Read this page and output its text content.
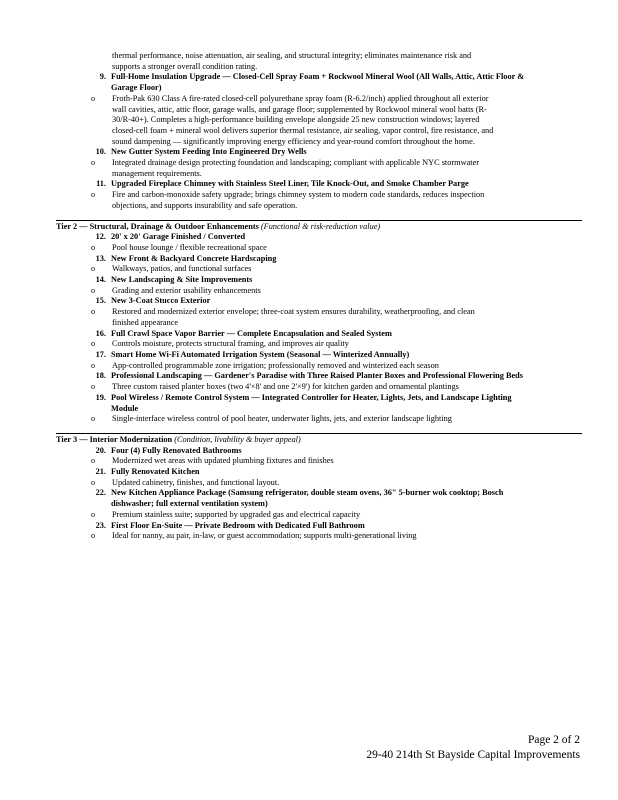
thermal performance, noise attenuation, air sealing, and structural integrity; eliminates maintenance risk and
supports a stronger overall condition rating.
9. Full-Home Insulation Upgrade — Closed-Cell Spray Foam + Rockwool Mineral Wool (All Walls, Attic, Attic Floor &
Garage Floor)
o Froth-Pak 630 Class A fire-rated closed-cell polyurethane spray foam (R-6.2/inch) applied throughout all exterior
wall cavities, attic, attic floor, garage walls, and garage floor; supplemented by Rockwool mineral wool batts (R-
30/R-40+). Completes a high-performance building envelope alongside 25 new construction windows; layered
closed-cell foam + mineral wool delivers superior thermal resistance, air sealing, vapor control, fire resistance, and
sound dampening — significantly improving energy efficiency and year-round comfort throughout the home.
10. New Gutter System Feeding Into Engineered Dry Wells
o Integrated drainage design protecting foundation and landscaping; compliant with applicable NYC stormwater
management requirements.
11. Upgraded Fireplace Chimney with Stainless Steel Liner, Tile Knock-Out, and Smoke Chamber Parge
o Fire and carbon-monoxide safety upgrade; brings chimney system to modern code standards, reduces inspection
objections, and supports insurability and safe operation.
Tier 2 — Structural, Drainage & Outdoor Enhancements (Functional & risk-reduction value)
12. 20' x 20' Garage Finished / Converted
o Pool house lounge / flexible recreational space
13. New Front & Backyard Concrete Hardscaping
o Walkways, patios, and functional surfaces
14. New Landscaping & Site Improvements
o Grading and exterior usability enhancements
15. New 3-Coat Stucco Exterior
o Restored and modernized exterior envelope; three-coat system ensures durability, weatherproofing, and clean
finished appearance
16. Full Crawl Space Vapor Barrier — Complete Encapsulation and Sealed System
o Controls moisture, protects structural framing, and improves air quality
17. Smart Home Wi-Fi Automated Irrigation System (Seasonal — Winterized Annually)
o App-controlled programmable zone irrigation; professionally removed and winterized each season
18. Professional Landscaping — Gardener's Paradise with Three Raised Planter Boxes and Professional Flowering Beds
o Three custom raised planter boxes (two 4'×8' and one 2'×9') for kitchen garden and ornamental plantings
19. Pool Wireless / Remote Control System — Integrated Controller for Heater, Lights, Jets, and Landscape Lighting
Module
o Single-interface wireless control of pool heater, underwater lights, jets, and exterior landscape lighting
Tier 3 — Interior Modernization (Condition, livability & buyer appeal)
20. Four (4) Fully Renovated Bathrooms
o Modernized wet areas with updated plumbing fixtures and finishes
21. Fully Renovated Kitchen
o Updated cabinetry, finishes, and functional layout.
22. New Kitchen Appliance Package (Samsung refrigerator, double steam ovens, 36" 5-burner wok cooktop; Bosch
dishwasher; full external ventilation system)
o Premium stainless suite; supported by upgraded gas and electrical capacity
23. First Floor En-Suite — Private Bedroom with Dedicated Full Bathroom
o Ideal for nanny, au pair, in-law, or guest accommodation; supports multi-generational living
Page 2 of 2
29-40 214th St Bayside Capital Improvements
